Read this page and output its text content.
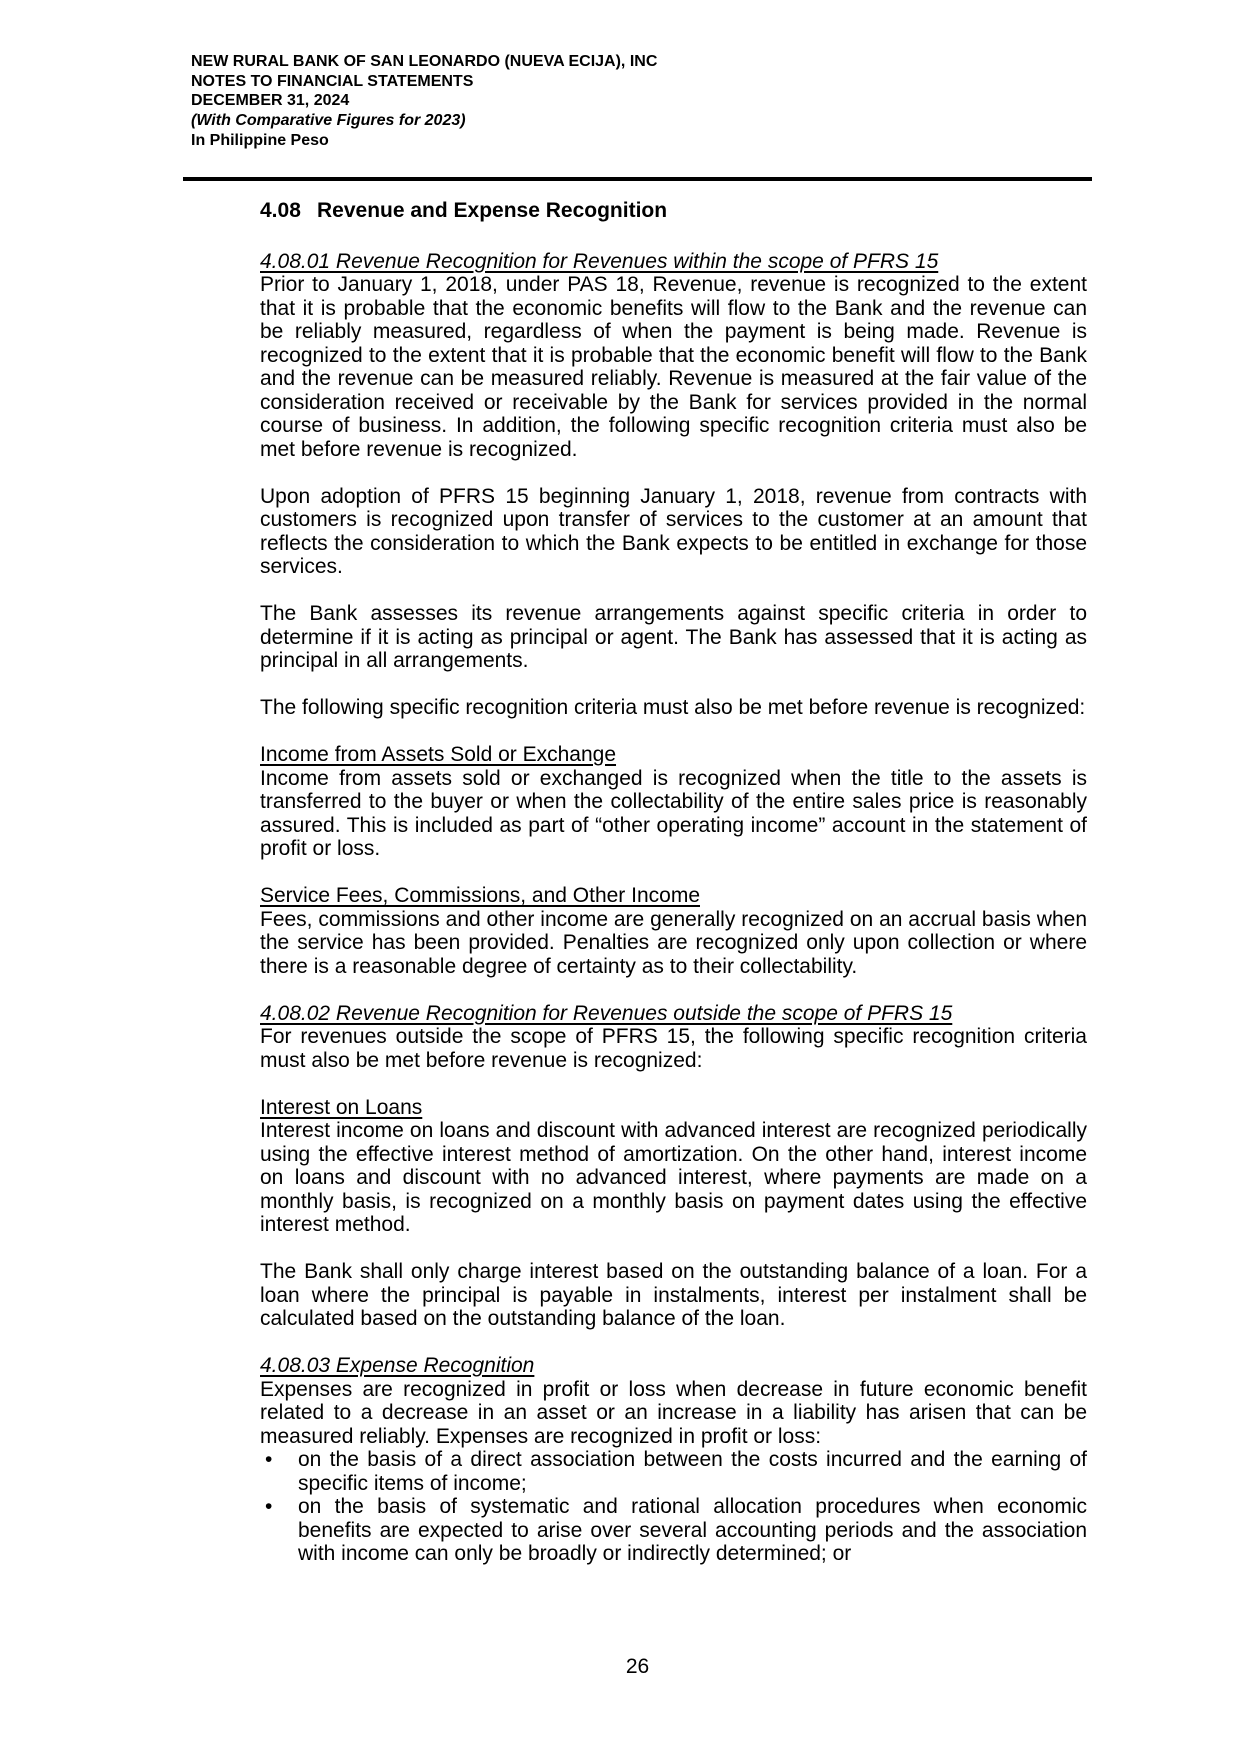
NEW RURAL BANK OF SAN LEONARDO (NUEVA ECIJA), INC
NOTES TO FINANCIAL STATEMENTS
DECEMBER 31, 2024
(With Comparative Figures for 2023)
In Philippine Peso
4.08 Revenue and Expense Recognition
4.08.01 Revenue Recognition for Revenues within the scope of PFRS 15

Prior to January 1, 2018, under PAS 18, Revenue, revenue is recognized to the extent that it is probable that the economic benefits will flow to the Bank and the revenue can be reliably measured, regardless of when the payment is being made. Revenue is recognized to the extent that it is probable that the economic benefit will flow to the Bank and the revenue can be measured reliably. Revenue is measured at the fair value of the consideration received or receivable by the Bank for services provided in the normal course of business. In addition, the following specific recognition criteria must also be met before revenue is recognized.

Upon adoption of PFRS 15 beginning January 1, 2018, revenue from contracts with customers is recognized upon transfer of services to the customer at an amount that reflects the consideration to which the Bank expects to be entitled in exchange for those services.

The Bank assesses its revenue arrangements against specific criteria in order to determine if it is acting as principal or agent. The Bank has assessed that it is acting as principal in all arrangements.

The following specific recognition criteria must also be met before revenue is recognized:

Income from Assets Sold or Exchange

Income from assets sold or exchanged is recognized when the title to the assets is transferred to the buyer or when the collectability of the entire sales price is reasonably assured. This is included as part of “other operating income” account in the statement of profit or loss.

Service Fees, Commissions, and Other Income

Fees, commissions and other income are generally recognized on an accrual basis when the service has been provided. Penalties are recognized only upon collection or where there is a reasonable degree of certainty as to their collectability.

4.08.02 Revenue Recognition for Revenues outside the scope of PFRS 15

For revenues outside the scope of PFRS 15, the following specific recognition criteria must also be met before revenue is recognized:

Interest on Loans

Interest income on loans and discount with advanced interest are recognized periodically using the effective interest method of amortization. On the other hand, interest income on loans and discount with no advanced interest, where payments are made on a monthly basis, is recognized on a monthly basis on payment dates using the effective interest method.

The Bank shall only charge interest based on the outstanding balance of a loan. For a loan where the principal is payable in instalments, interest per instalment shall be calculated based on the outstanding balance of the loan.

4.08.03 Expense Recognition

Expenses are recognized in profit or loss when decrease in future economic benefit related to a decrease in an asset or an increase in a liability has arisen that can be measured reliably. Expenses are recognized in profit or loss:

• on the basis of a direct association between the costs incurred and the earning of specific items of income;
• on the basis of systematic and rational allocation procedures when economic benefits are expected to arise over several accounting periods and the association with income can only be broadly or indirectly determined; or
26
